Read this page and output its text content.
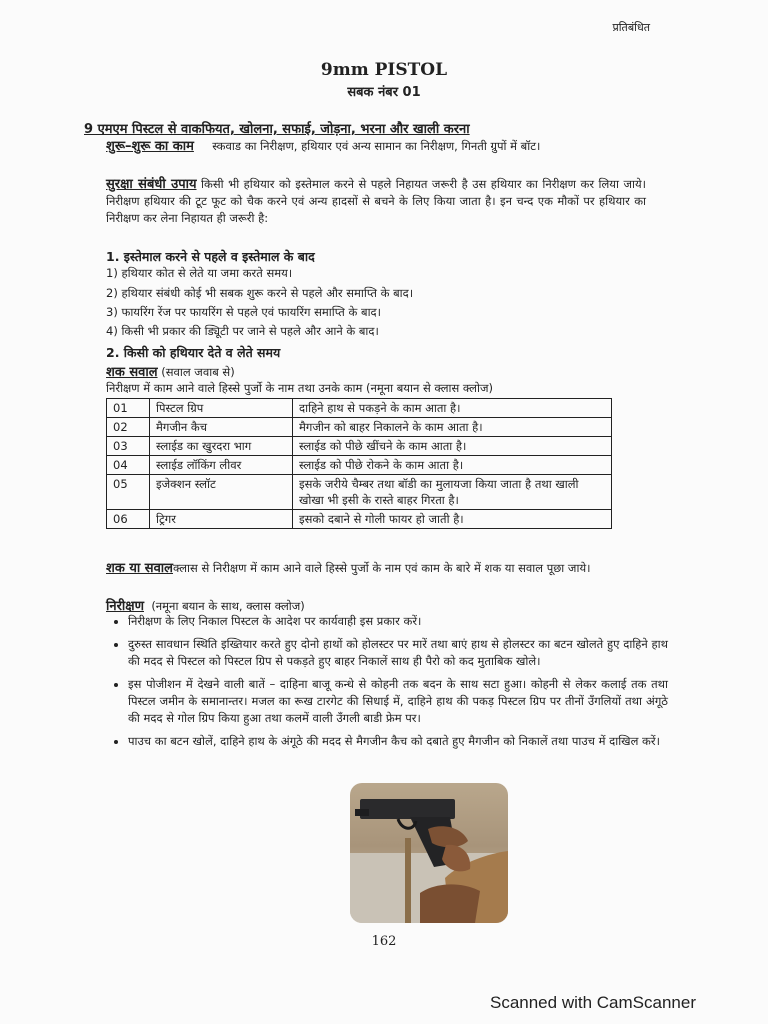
प्रतिबंधित
9mm PISTOL
सबक नंबर 01
9 एमएम पिस्टल से वाकफियत, खोलना, सफाई, जोड़ना, भरना और खाली करना
शुरू–शुरू का काम स्कवाड का निरीक्षण, हथियार एवं अन्य सामान का निरीक्षण, गिनती ग्रुपों में बॉट।
सुरक्षा संबंधी उपाय किसी भी हथियार को इस्तेमाल करने से पहले निहायत जरूरी है उस हथियार का निरीक्षण कर लिया जाये। निरीक्षण हथियार की टूट फूट को चैक करने एवं अन्य हादसों से बचने के लिए किया जाता है। इन चन्द एक मौकों पर हथियार का निरीक्षण कर लेना निहायत ही जरूरी है:
1. इस्तेमाल करने से पहले व इस्तेमाल के बाद
1) हथियार कोत से लेते या जमा करते समय।
2) हथियार संबंधी कोई भी सबक शुरू करने से पहले और समाप्ति के बाद।
3) फायरिंग रेंज पर फायरिंग से पहले एवं फायरिंग समाप्ति के बाद।
4) किसी भी प्रकार की ड्यिूटी पर जाने से पहले और आने के बाद।
2. किसी को हथियार देते व लेते समय
शक सवाल (सवाल जवाब से)
निरीक्षण में काम आने वाले हिस्से पुर्जो के नाम तथा उनके काम (नमूना बयान से क्लास क्लोज)
01	पिस्टल ग्रिप	दाहिने हाथ से पकड़ने के काम आता है।
02	मैगजीन कैच	मैगजीन को बाहर निकालने के काम आता है।
03	स्लाईड का खुरदरा भाग	स्लाईड को पीछे खींचने के काम आता है।
04	स्लाईड लॉकिंग लीवर	स्लाईड को पीछे रोकने के काम आता है।
05	इजेक्शन स्लॉट	इसके जरीये चैम्बर तथा बॉडी का मुलायजा किया जाता है तथा खाली खोखा भी इसी के रास्ते बाहर गिरता है।
06	ट्रिगर	इसको दबाने से गोली फायर हो जाती है।
शक या सवालक्लास से निरीक्षण में काम आने वाले हिस्से पुर्जो के नाम एवं काम के बारे में शक या सवाल पूछा जाये।
निरीक्षण (नमूना बयान के साथ, क्लास क्लोज)
• निरीक्षण के लिए निकाल पिस्टल के आदेश पर कार्यवाही इस प्रकार करें।
• दुरुस्त सावधान स्थिति इख्तियार करते हुए दोनो हाथों को होलस्टर पर मारें तथा बाएं हाथ से होलस्टर का बटन खोलते हुए दाहिने हाथ की मदद से पिस्टल को पिस्टल ग्रिप से पकड़ते हुए बाहर निकालें साथ ही पैरो को कद मुताबिक खोले।
• इस पोजीशन में देखने वाली बातें – दाहिना बाजू कन्धे से कोहनी तक बदन के साथ सटा हुआ। कोहनी से लेकर कलाई तक तथा पिस्टल जमीन के समानान्तर। मजल का रूख टारगेट की सिधाई में, दाहिने हाथ की पकड़ पिस्टल ग्रिप पर तीनों उँगलियों तथा अंगूठे की मदद से गोल ग्रिप किया हुआ तथा कलमें वाली उँगली बाडी फ्रेम पर।
• पाउच का बटन खोलें, दाहिने हाथ के अंगूठे की मदद से मैगजीन कैच को दबाते हुए मैगजीन को निकालें तथा पाउच में दाखिल करें।
162
Scanned with CamScanner
